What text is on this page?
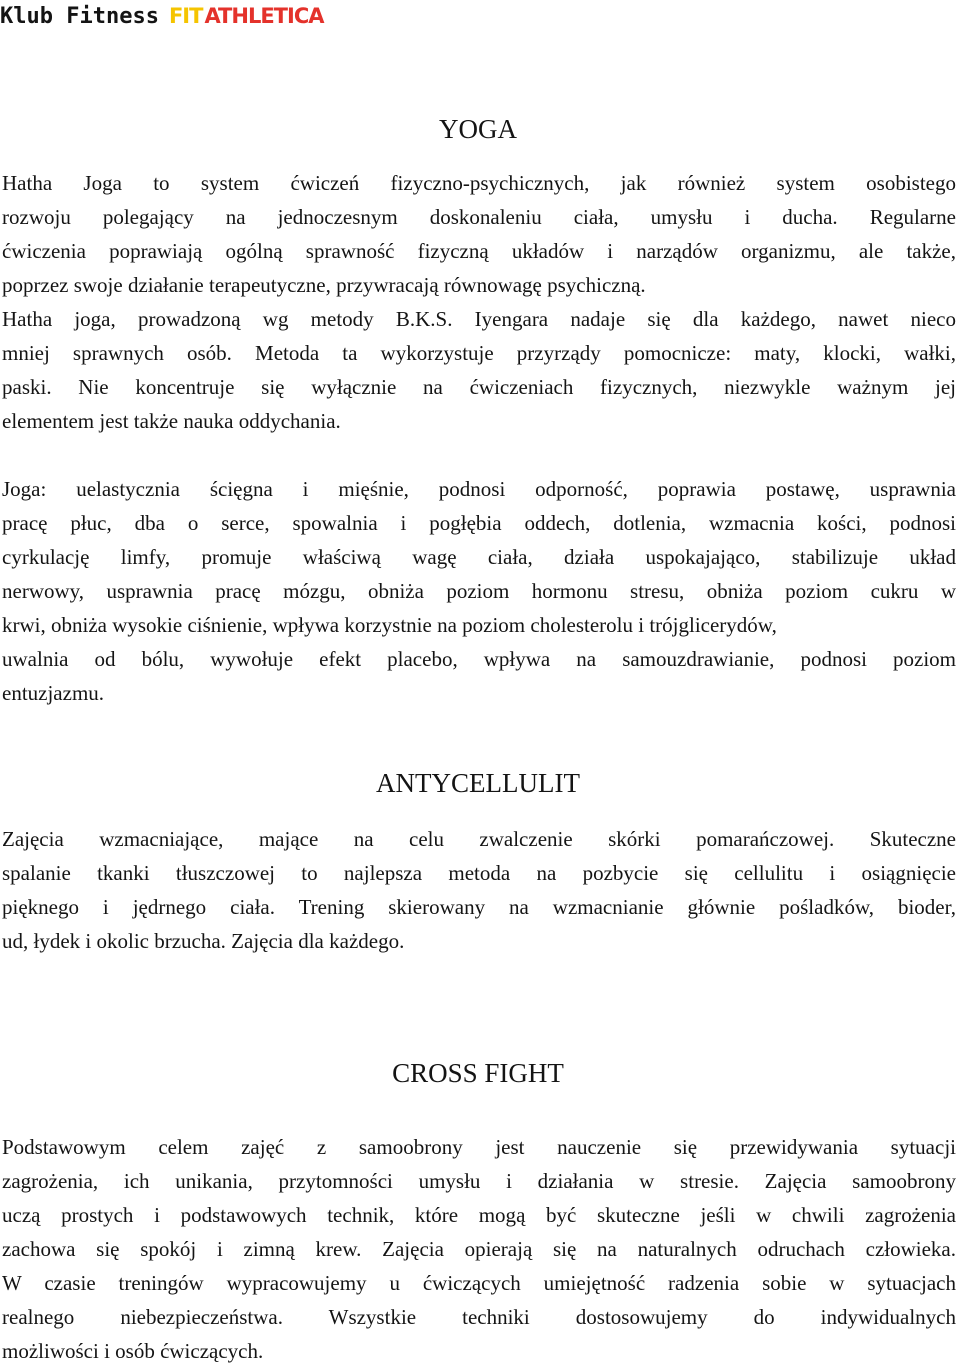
Klub Fitness FIT ATHLETICA
YOGA
Hatha Joga to system ćwiczeń fizyczno-psychicznych, jak również system osobistego
rozwoju polegający na jednoczesnym doskonaleniu ciała, umysłu i ducha. Regularne
ćwiczenia poprawiają ogólną sprawność fizyczną układów i narządów organizmu, ale także,
poprzez swoje działanie terapeutyczne, przywracają równowagę psychiczną.
Hatha joga, prowadzoną wg metody B.K.S. Iyengara nadaje się dla każdego, nawet nieco
mniej sprawnych osób. Metoda ta wykorzystuje przyrządy pomocnicze: maty, klocki, wałki,
paski. Nie koncentruje się wyłącznie na ćwiczeniach fizycznych, niezwykle ważnym jej
elementem jest także nauka oddychania.
Joga: uelastycznia ścięgna i mięśnie, podnosi odporność, poprawia postawę, usprawnia
pracę płuc, dba o serce, spowalnia i pogłębia oddech, dotlenia, wzmacnia kości, podnosi
cyrkulację limfy, promuje właściwą wagę ciała, działa uspokajająco, stabilizuje układ
nerwowy, usprawnia pracę mózgu, obniża poziom hormonu stresu, obniża poziom cukru w
krwi, obniża wysokie ciśnienie, wpływa korzystnie na poziom cholesterolu i trójglicerydów,
uwalnia od bólu, wywołuje efekt placebo, wpływa na samouzdrawianie, podnosi poziom
entuzjazmu.
ANTYCELLULIT
Zajęcia wzmacniające, mające na celu zwalczenie skórki pomarańczowej. Skuteczne
spalanie tkanki tłuszczowej to najlepsza metoda na pozbycie się cellulitu i osiągnięcie
pięknego i jędrnego ciała. Trening skierowany na wzmacnianie głównie pośladków, bioder,
ud, łydek i okolic brzucha. Zajęcia dla każdego.
CROSS FIGHT
Podstawowym celem zajęć z samoobrony jest nauczenie się przewidywania sytuacji
zagrożenia, ich unikania, przytomności umysłu i działania w stresie. Zajęcia samoobrony
uczą prostych i podstawowych technik, które mogą być skuteczne jeśli w chwili zagrożenia
zachowa się spokój i zimną krew. Zajęcia opierają się na naturalnych odruchach człowieka.
W czasie treningów wypracowujemy u ćwiczących umiejętność radzenia sobie w sytuacjach
realnego niebezpieczeństwa. Wszystkie techniki dostosowujemy do indywidualnych
możliwości i osób ćwiczących.
